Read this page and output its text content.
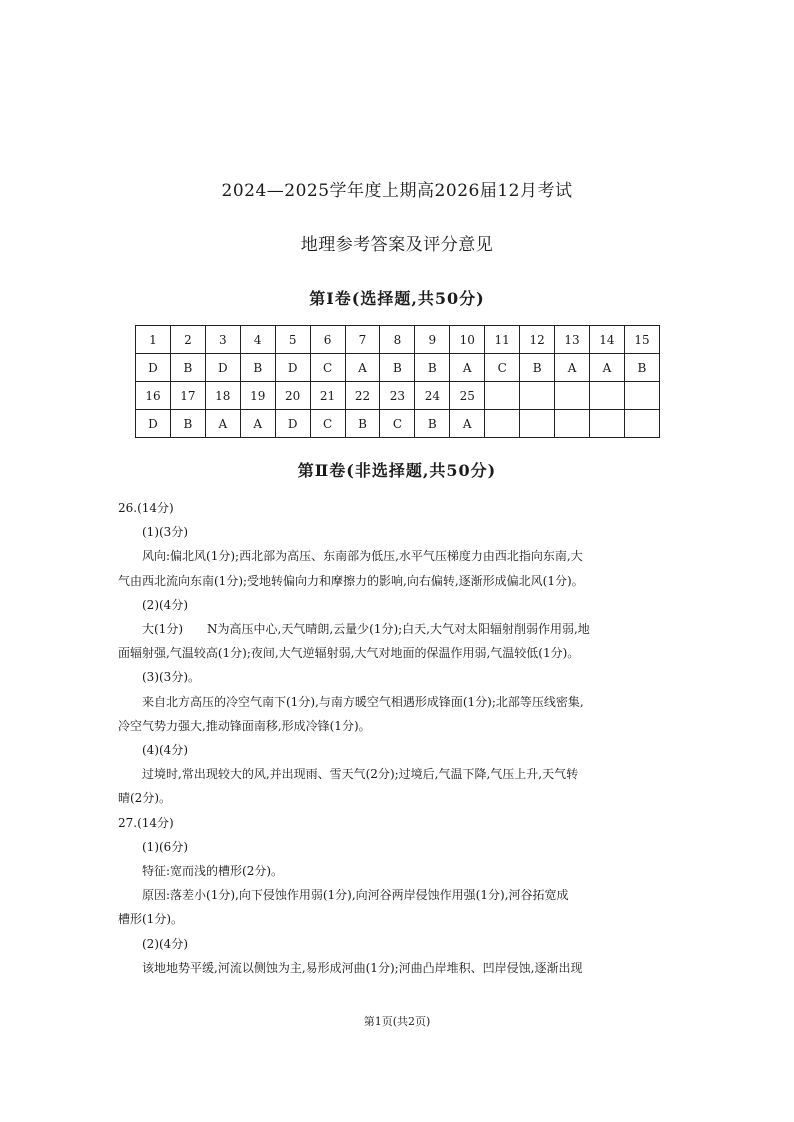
2024—2025学年度上期高2026届12月考试
地理参考答案及评分意见
第Ⅰ卷(选择题,共50分)
1	2	3	4	5	6	7	8	9	10	11	12	13	14	15
D	B	D	B	D	C	A	B	B	A	C	B	A	A	B
16	17	18	19	20	21	22	23	24	25					
D	B	A	A	D	C	B	C	B	A					
第Ⅱ卷(非选择题,共50分)

26.(14分)

(1)(3分)

风向:偏北风(1分);西北部为高压、东南部为低压,水平气压梯度力由西北指向东南,大

气由西北流向东南(1分);受地转偏向力和摩擦力的影响,向右偏转,逐渐形成偏北风(1分)。

(2)(4分)

大(1分)　　N为高压中心,天气晴朗,云量少(1分);白天,大气对太阳辐射削弱作用弱,地

面辐射强,气温较高(1分);夜间,大气逆辐射弱,大气对地面的保温作用弱,气温较低(1分)。

(3)(3分)。

来自北方高压的冷空气南下(1分),与南方暖空气相遇形成锋面(1分);北部等压线密集,

冷空气势力强大,推动锋面南移,形成冷锋(1分)。

(4)(4分)

过境时,常出现较大的风,并出现雨、雪天气(2分);过境后,气温下降,气压上升,天气转

晴(2分)。

27.(14分)

(1)(6分)

特征:宽而浅的槽形(2分)。

原因:落差小(1分),向下侵蚀作用弱(1分),向河谷两岸侵蚀作用强(1分),河谷拓宽成

槽形(1分)。

(2)(4分)

该地地势平缓,河流以侧蚀为主,易形成河曲(1分);河曲凸岸堆积、凹岸侵蚀,逐渐出现

第1页(共2页)
